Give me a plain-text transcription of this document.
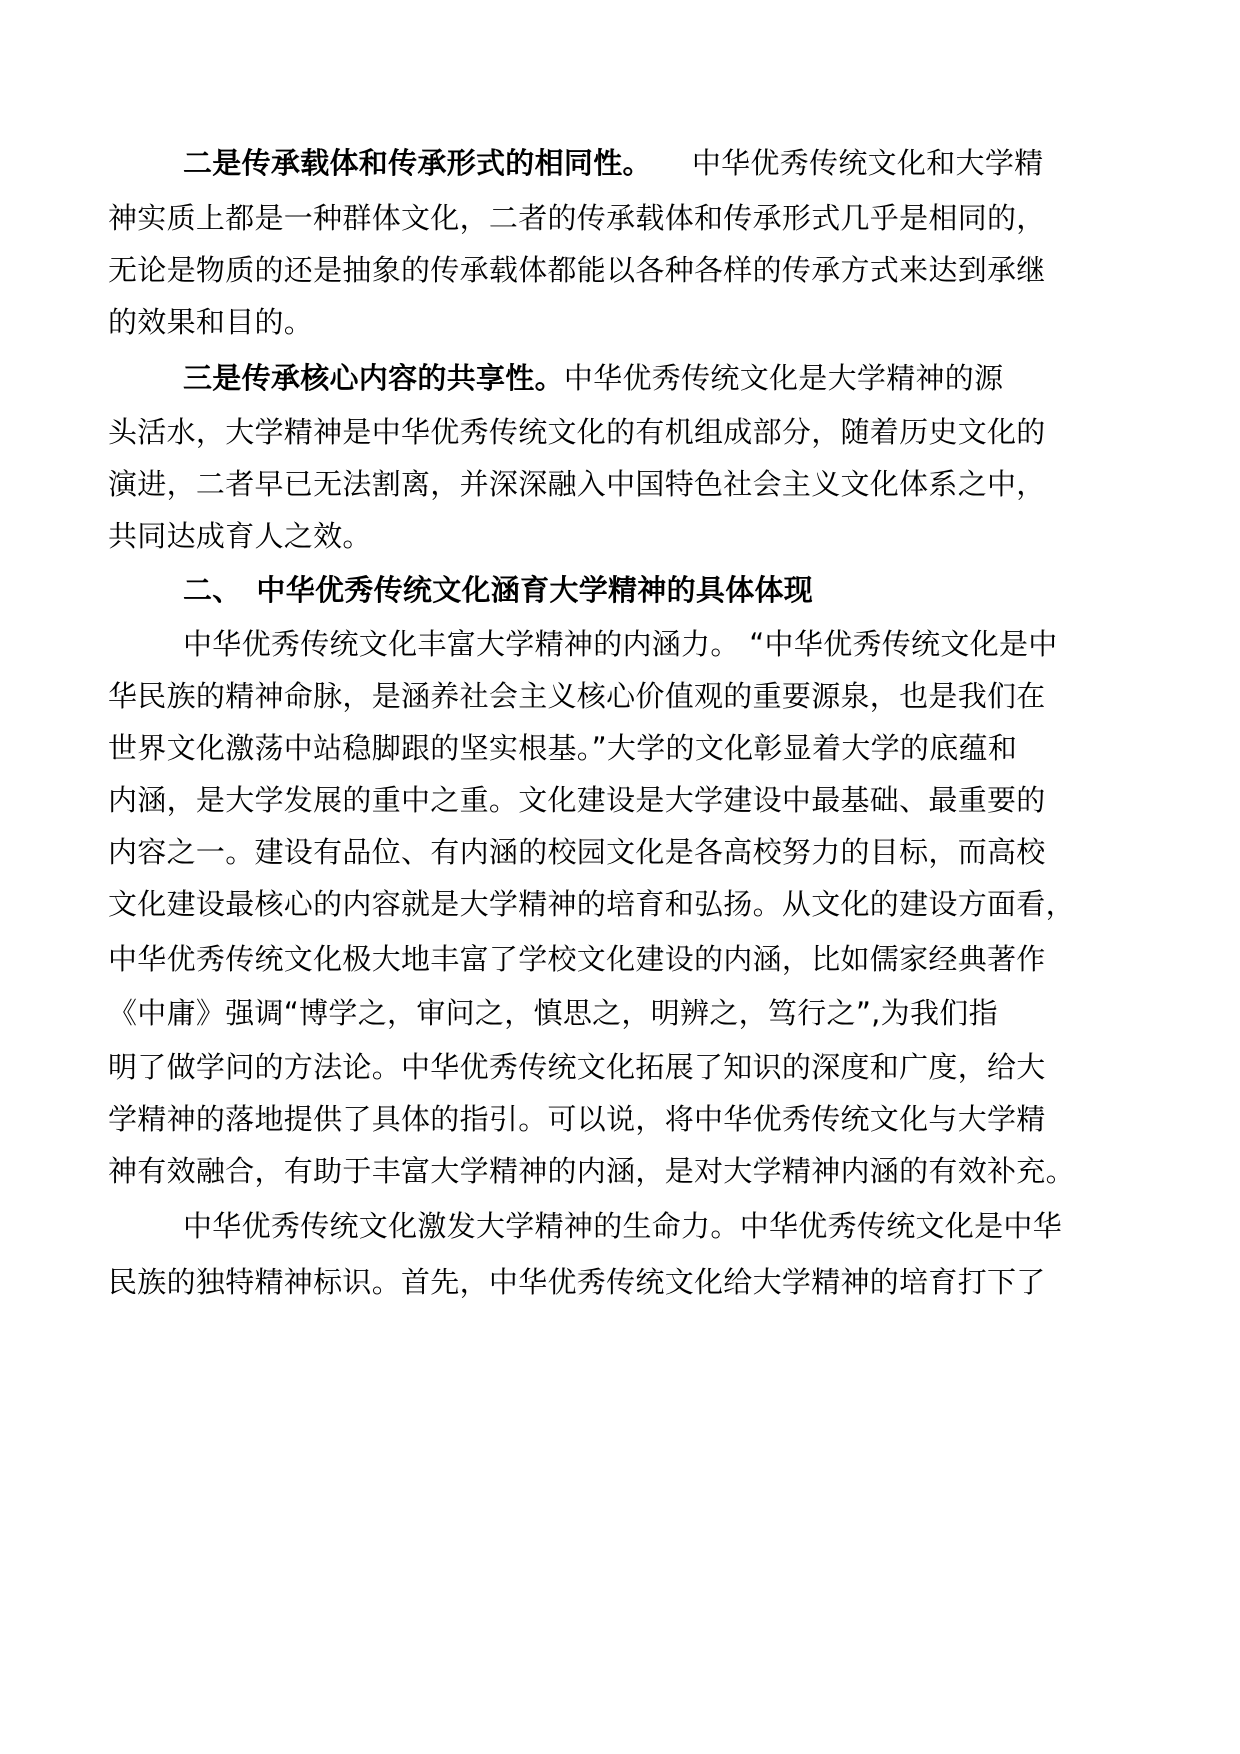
二是传承载体和传承形式的相同性。 中华优秀传统文化和大学精
神实质上都是一种群体文化，二者的传承载体和传承形式几乎是相同的，
无论是物质的还是抽象的传承载体都能以各种各样的传承方式来达到承继
的效果和目的。
三是传承核心内容的共享性。中华优秀传统文化是大学精神的源
头活水，大学精神是中华优秀传统文化的有机组成部分，随着历史文化的
演进，二者早已无法割离，并深深融入中国特色社会主义文化体系之中，
共同达成育人之效。
二、　中华优秀传统文化涵育大学精神的具体体现
中华优秀传统文化丰富大学精神的内涵力。 “中华优秀传统文化是中
华民族的精神命脉，是涵养社会主义核心价值观的重要源泉，也是我们在
世界文化激荡中站稳脚跟的坚实根基。”大学的文化彰显着大学的底蕴和
内涵，是大学发展的重中之重。文化建设是大学建设中最基础、最重要的
内容之一。建设有品位、有内涵的校园文化是各高校努力的目标，而高校
文化建设最核心的内容就是大学精神的培育和弘扬。从文化的建设方面看，
中华优秀传统文化极大地丰富了学校文化建设的内涵，比如儒家经典著作
《中庸》强调“博学之，审问之，慎思之，明辨之，笃行之”,为我们指
明了做学问的方法论。中华优秀传统文化拓展了知识的深度和广度，给大
学精神的落地提供了具体的指引。可以说，将中华优秀传统文化与大学精
神有效融合，有助于丰富大学精神的内涵，是对大学精神内涵的有效补充。
中华优秀传统文化激发大学精神的生命力。中华优秀传统文化是中华
民族的独特精神标识。首先，中华优秀传统文化给大学精神的培育打下了
